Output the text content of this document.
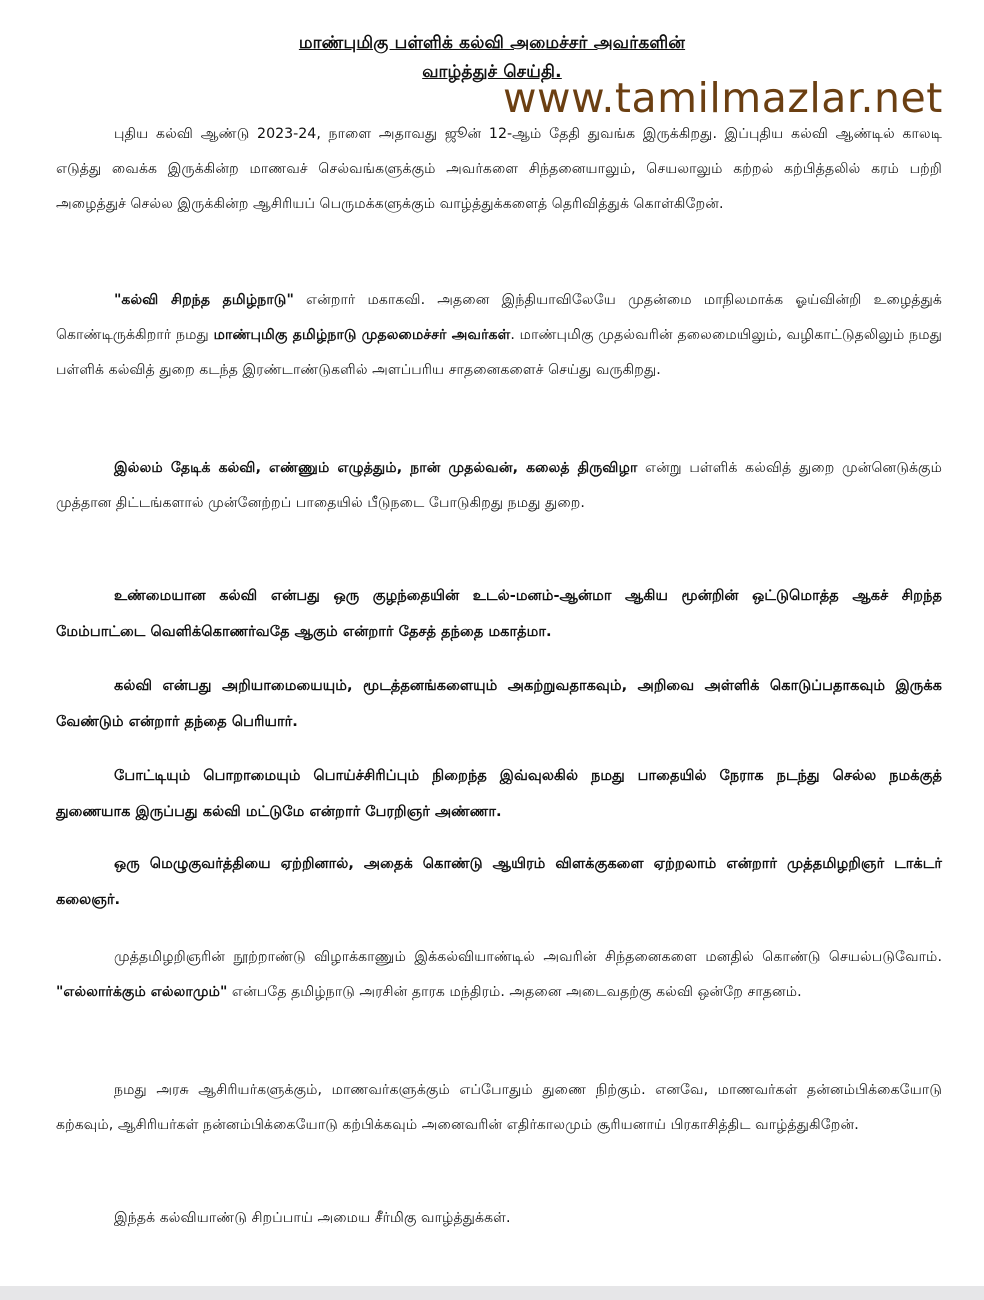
மாண்புமிகு பள்ளிக் கல்வி அமைச்சர் அவர்களின்
வாழ்த்துச் செய்தி.
www.tamilmazlar.net

புதிய கல்வி ஆண்டு 2023-24, நாளை அதாவது ஜூன் 12-ஆம் தேதி துவங்க இருக்கிறது. இப்புதிய கல்வி ஆண்டில் காலடி எடுத்து வைக்க இருக்கின்ற மாணவச் செல்வங்களுக்கும் அவர்களை சிந்தனையாலும், செயலாலும் கற்றல் கற்பித்தலில் கரம் பற்றி அழைத்துச் செல்ல இருக்கின்ற ஆசிரியப் பெருமக்களுக்கும் வாழ்த்துக்களைத் தெரிவித்துக் கொள்கிறேன்.

"கல்வி சிறந்த தமிழ்நாடு" என்றார் மகாகவி. அதனை இந்தியாவிலேயே முதன்மை மாநிலமாக்க ஓய்வின்றி உழைத்துக் கொண்டிருக்கிறார் நமது மாண்புமிகு தமிழ்நாடு முதலமைச்சர் அவர்கள். மாண்புமிகு முதல்வரின் தலைமையிலும், வழிகாட்டுதலிலும் நமது பள்ளிக் கல்வித் துறை கடந்த இரண்டாண்டுகளில் அளப்பரிய சாதனைகளைச் செய்து வருகிறது.

இல்லம் தேடிக் கல்வி, எண்ணும் எழுத்தும், நான் முதல்வன், கலைத் திருவிழா என்று பள்ளிக் கல்வித் துறை முன்னெடுக்கும் முத்தான திட்டங்களால் முன்னேற்றப் பாதையில் பீடுநடை போடுகிறது நமது துறை.

உண்மையான கல்வி என்பது ஒரு குழந்தையின் உடல்-மனம்-ஆன்மா ஆகிய மூன்றின் ஒட்டுமொத்த ஆகச் சிறந்த மேம்பாட்டை வெளிக்கொணர்வதே ஆகும் என்றார் தேசத் தந்தை மகாத்மா.

கல்வி என்பது அறியாமையையும், மூடத்தனங்களையும் அகற்றுவதாகவும், அறிவை அள்ளிக் கொடுப்பதாகவும் இருக்க வேண்டும் என்றார் தந்தை பெரியார்.

போட்டியும் பொறாமையும் பொய்ச்சிரிப்பும் நிறைந்த இவ்வுலகில் நமது பாதையில் நேராக நடந்து செல்ல நமக்குத் துணையாக இருப்பது கல்வி மட்டுமே என்றார் பேரறிஞர் அண்ணா.

ஒரு மெழுகுவர்த்தியை ஏற்றினால், அதைக் கொண்டு ஆயிரம் விளக்குகளை ஏற்றலாம் என்றார் முத்தமிழறிஞர் டாக்டர் கலைஞர்.

முத்தமிழறிஞரின் நூற்றாண்டு விழாக்காணும் இக்கல்வியாண்டில் அவரின் சிந்தனைகளை மனதில் கொண்டு செயல்படுவோம். "எல்லார்க்கும் எல்லாமும்" என்பதே தமிழ்நாடு அரசின் தாரக மந்திரம். அதனை அடைவதற்கு கல்வி ஒன்றே சாதனம்.

நமது அரசு ஆசிரியர்களுக்கும், மாணவர்களுக்கும் எப்போதும் துணை நிற்கும். எனவே, மாணவர்கள் தன்னம்பிக்கையோடு கற்கவும், ஆசிரியர்கள் நன்னம்பிக்கையோடு கற்பிக்கவும் அனைவரின் எதிர்காலமும் சூரியனாய் பிரகாசித்திட வாழ்த்துகிறேன்.

இந்தக் கல்வியாண்டு சிறப்பாய் அமைய சீர்மிகு வாழ்த்துக்கள்.
